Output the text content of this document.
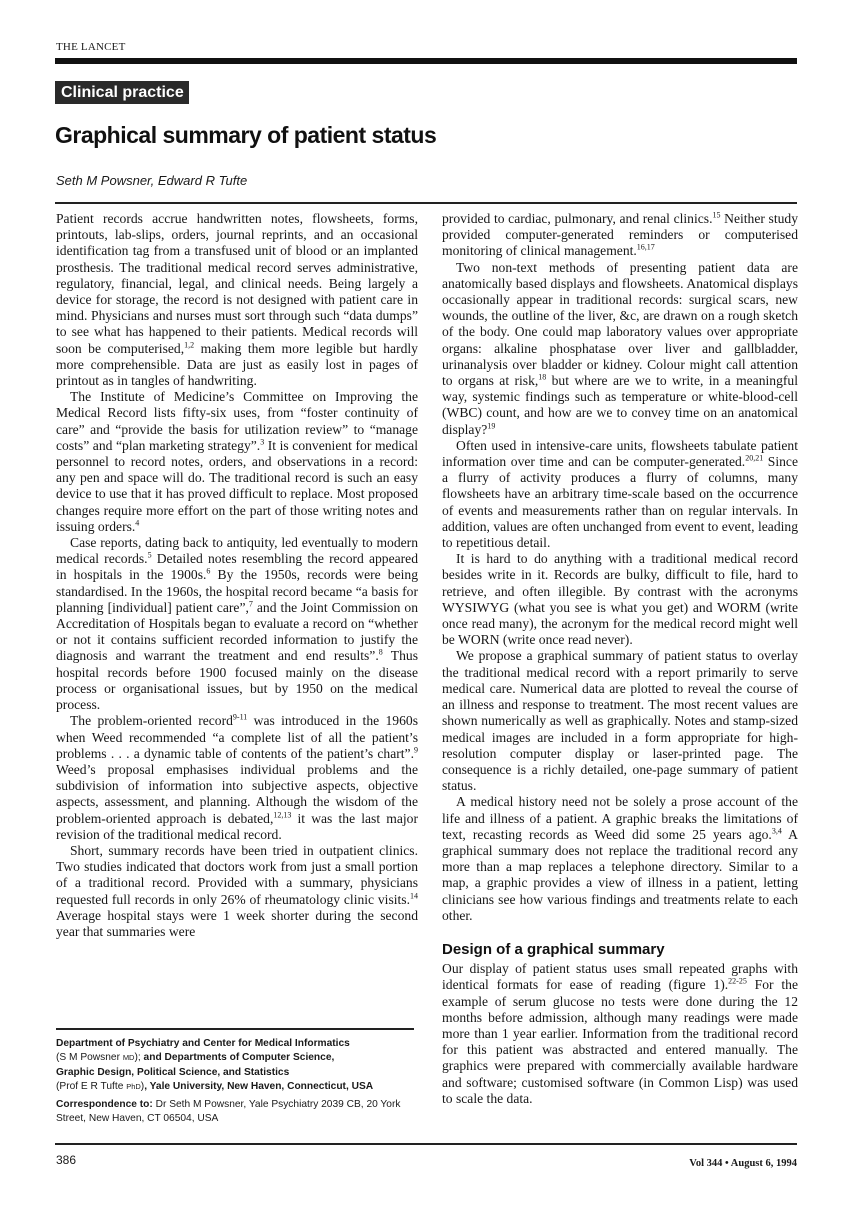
THE LANCET
Clinical practice
Graphical summary of patient status
Seth M Powsner, Edward R Tufte

Patient records accrue handwritten notes, flowsheets, forms, printouts, lab-slips, orders, journal reprints, and an occasional identification tag from a transfused unit of blood or an implanted prosthesis. The traditional medical record serves administrative, regulatory, financial, legal, and clinical needs. Being largely a device for storage, the record is not designed with patient care in mind. Physicians and nurses must sort through such “data dumps” to see what has happened to their patients. Medical records will soon be computerised,$^{1,2}$ making them more legible but hardly more comprehensible. Data are just as easily lost in pages of printout as in tangles of handwriting.

The Institute of Medicine’s Committee on Improving the Medical Record lists fifty-six uses, from “foster continuity of care” and “provide the basis for utilization review” to “manage costs” and “plan marketing strategy”.$^3$ It is convenient for medical personnel to record notes, orders, and observations in a record: any pen and space will do. The traditional record is such an easy device to use that it has proved difficult to replace. Most proposed changes require more effort on the part of those writing notes and issuing orders.$^4$

Case reports, dating back to antiquity, led eventually to modern medical records.$^5$ Detailed notes resembling the record appeared in hospitals in the 1900s.$^6$ By the 1950s, records were being standardised. In the 1960s, the hospital record became “a basis for planning [individual] patient care”,$^7$ and the Joint Commission on Accreditation of Hospitals began to evaluate a record on “whether or not it contains sufficient recorded information to justify the diagnosis and warrant the treatment and end results”.$^8$ Thus hospital records before 1900 focused mainly on the disease process or organisational issues, but by 1950 on the medical process.

The problem-oriented record$^{9-11}$ was introduced in the 1960s when Weed recommended “a complete list of all the patient’s problems . . . a dynamic table of contents of the patient’s chart”.$^9$ Weed’s proposal emphasises individual problems and the subdivision of information into subjective aspects, objective aspects, assessment, and planning. Although the wisdom of the problem-oriented approach is debated,$^{12,13}$ it was the last major revision of the traditional medical record.

Short, summary records have been tried in outpatient clinics. Two studies indicated that doctors work from just a small portion of a traditional record. Provided with a summary, physicians requested full records in only 26% of rheumatology clinic visits.$^{14}$ Average hospital stays were 1 week shorter during the second year that summaries were

provided to cardiac, pulmonary, and renal clinics.$^{15}$ Neither study provided computer-generated reminders or computerised monitoring of clinical management.$^{16,17}$

Two non-text methods of presenting patient data are anatomically based displays and flowsheets. Anatomical displays occasionally appear in traditional records: surgical scars, new wounds, the outline of the liver, &c, are drawn on a rough sketch of the body. One could map laboratory values over appropriate organs: alkaline phosphatase over liver and gallbladder, urinanalysis over bladder or kidney. Colour might call attention to organs at risk,$^{18}$ but where are we to write, in a meaningful way, systemic findings such as temperature or white-blood-cell (WBC) count, and how are we to convey time on an anatomical display?$^{19}$

Often used in intensive-care units, flowsheets tabulate patient information over time and can be computer-generated.$^{20,21}$ Since a flurry of activity produces a flurry of columns, many flowsheets have an arbitrary time-scale based on the occurrence of events and measurements rather than on regular intervals. In addition, values are often unchanged from event to event, leading to repetitious detail.

It is hard to do anything with a traditional medical record besides write in it. Records are bulky, difficult to file, hard to retrieve, and often illegible. By contrast with the acronyms WYSIWYG (what you see is what you get) and WORM (write once read many), the acronym for the medical record might well be WORN (write once read never).

We propose a graphical summary of patient status to overlay the traditional medical record with a report primarily to serve medical care. Numerical data are plotted to reveal the course of an illness and response to treatment. The most recent values are shown numerically as well as graphically. Notes and stamp-sized medical images are included in a form appropriate for high-resolution computer display or laser-printed page. The consequence is a richly detailed, one-page summary of patient status.

A medical history need not be solely a prose account of the life and illness of a patient. A graphic breaks the limitations of text, recasting records as Weed did some 25 years ago.$^{3,4}$ A graphical summary does not replace the traditional record any more than a map replaces a telephone directory. Similar to a map, a graphic provides a view of illness in a patient, letting clinicians see how various findings and treatments relate to each other.

Design of a graphical summary

Our display of patient status uses small repeated graphs with identical formats for ease of reading (figure 1).$^{22-25}$ For the example of serum glucose no tests were done during the 12 months before admission, although many readings were made more than 1 year earlier. Information from the traditional record for this patient was abstracted and entered manually. The graphics were prepared with commercially available hardware and software; customised software (in Common Lisp) was used to scale the data.

Department of Psychiatry and Center for Medical Informatics
(S M Powsner MD); and Departments of Computer Science,
Graphic Design, Political Science, and Statistics
(Prof E R Tufte PhD), Yale University, New Haven, Connecticut, USA
Correspondence to: Dr Seth M Powsner, Yale Psychiatry 2039 CB, 20 York Street, New Haven, CT 06504, USA
386	Vol 344 • August 6, 1994
